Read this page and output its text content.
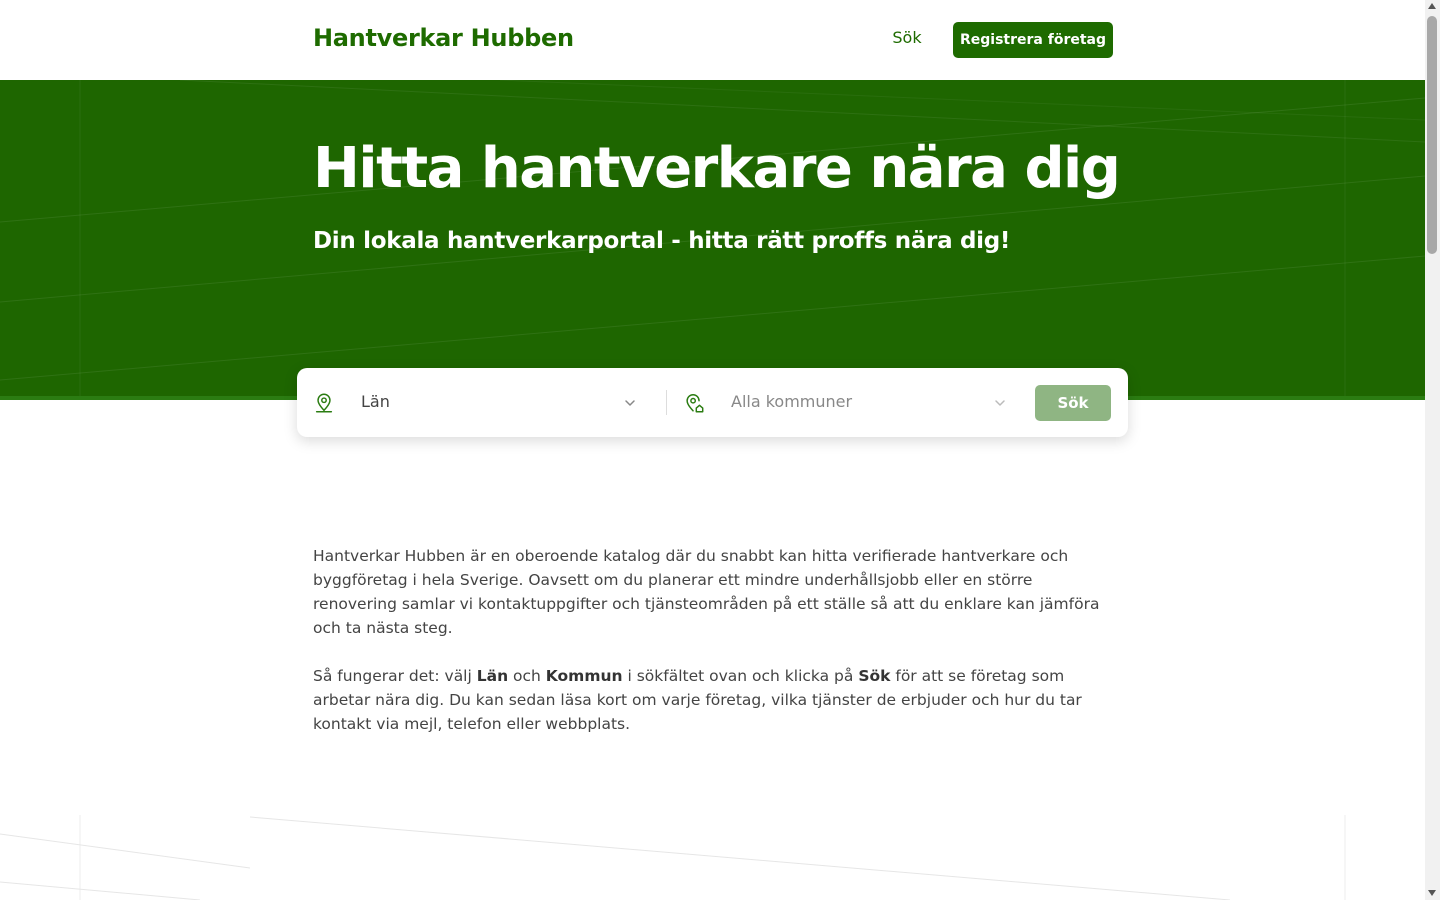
Hantverkar Hubben	Sök	Registrera företag
Hitta hantverkare nära dig
Din lokala hantverkarportal - hitta rätt proffs nära dig!
Län	Alla kommuner	Sök

Hantverkar Hubben är en oberoende katalog där du snabbt kan hitta verifierade hantverkare och byggföretag i hela Sverige. Oavsett om du planerar ett mindre underhållsjobb eller en större renovering samlar vi kontaktuppgifter och tjänsteområden på ett ställe så att du enklare kan jämföra och ta nästa steg.

Så fungerar det: välj Län och Kommun i sökfältet ovan och klicka på Sök för att se företag som arbetar nära dig. Du kan sedan läsa kort om varje företag, vilka tjänster de erbjuder och hur du tar kontakt via mejl, telefon eller webbplats.
